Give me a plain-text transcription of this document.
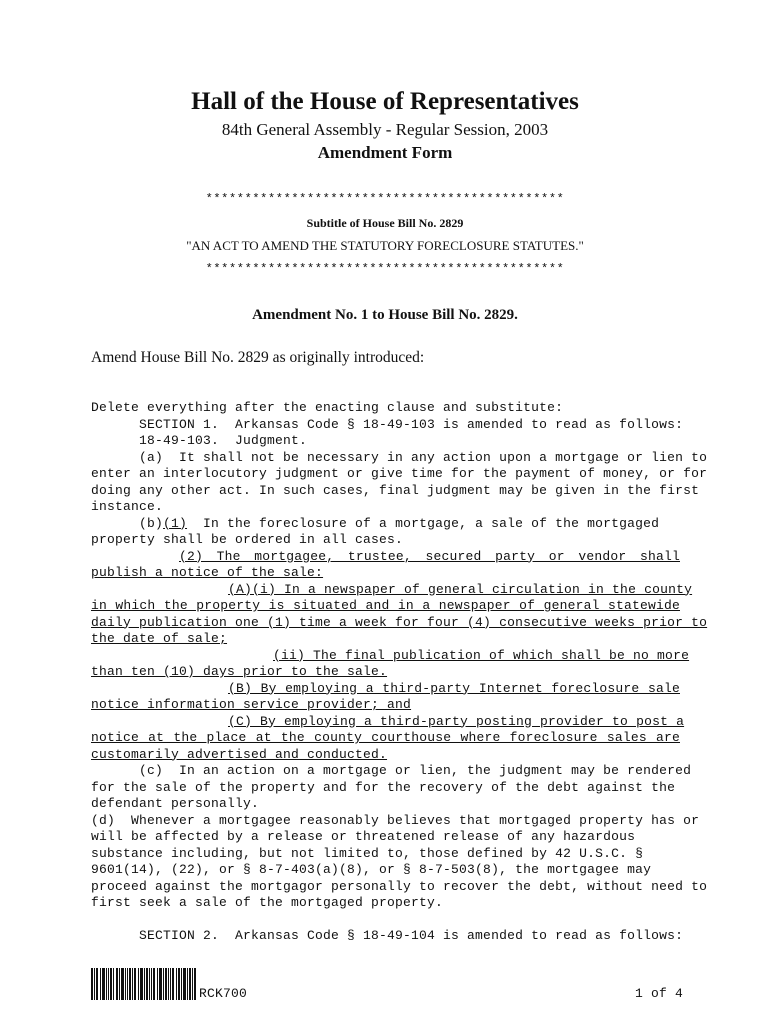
Hall of the House of Representatives
84th General Assembly - Regular Session, 2003
Amendment Form
**********************************************
Subtitle of House Bill No. 2829
"AN ACT TO AMEND THE STATUTORY FORECLOSURE STATUTES."
**********************************************
Amendment No. 1 to House Bill No. 2829.
Amend House Bill No. 2829 as originally introduced:
Delete everything after the enacting clause and substitute:
SECTION 1.  Arkansas Code § 18-49-103 is amended to read as follows:
18-49-103.  Judgment.
(a)  It shall not be necessary in any action upon a mortgage or lien to
enter an interlocutory judgment or give time for the payment of money, or for
doing any other act. In such cases, final judgment may be given in the first
instance.
(b)(1)  In the foreclosure of a mortgage, a sale of the mortgaged
property shall be ordered in all cases.
(2) The mortgagee, trustee, secured party or vendor shall
publish a notice of the sale:
(A)(i) In a newspaper of general circulation in the county
in which the property is situated and in a newspaper of general statewide
daily publication one (1) time a week for four (4) consecutive weeks prior to
the date of sale;
(ii) The final publication of which shall be no more
than ten (10) days prior to the sale.
(B) By employing a third-party Internet foreclosure sale
notice information service provider; and
(C) By employing a third-party posting provider to post a
notice at the place at the county courthouse where foreclosure sales are
customarily advertised and conducted.
(c)  In an action on a mortgage or lien, the judgment may be rendered
for the sale of the property and for the recovery of the debt against the
defendant personally.
(d)  Whenever a mortgagee reasonably believes that mortgaged property has or
will be affected by a release or threatened release of any hazardous
substance including, but not limited to, those defined by 42 U.S.C. §
9601(14), (22), or § 8-7-403(a)(8), or § 8-7-503(8), the mortgagee may
proceed against the mortgagor personally to recover the debt, without need to
first seek a sale of the mortgaged property.
SECTION 2.  Arkansas Code § 18-49-104 is amended to read as follows:
RCK700	1 of 4
